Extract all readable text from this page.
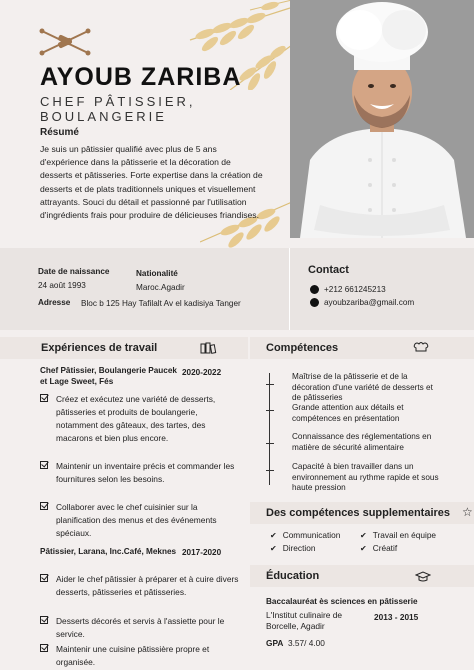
AYOUB ZARIBA
CHEF PÂTISSIER, BOULANGERIE
Résumé
Je suis un pâtissier qualifié avec plus de 5 ans d'expérience dans la pâtisserie et la décoration de desserts et pâtisseries. Forte expertise dans la création de desserts et de plats traditionnels uniques et visuellement attrayants. Souci du détail et passionné par l'utilisation d'ingrédients frais pour produire de délicieuses friandises.
Date de naissance
24 août 1993
Nationalité
Maroc.Agadir
Adresse Bloc b 125 Hay Tafilalt Av el kadisiya Tanger
Contact
+212 661245213
ayoubzariba@gmail.com
Expériences de travail
Chef Pâtissier, Boulangerie Paucek et Lage Sweet, Fés
2020-2022
Créez et exécutez une variété de desserts, pâtisseries et produits de boulangerie, notamment des gâteaux, des tartes, des macarons et bien plus encore.
Maintenir un inventaire précis et commander les fournitures selon les besoins.
Collaborer avec le chef cuisinier sur la planification des menus et des événements spéciaux.
Pâtissier, Larana, Inc.Café, Meknes 2017-2020
Aider le chef pâtissier à préparer et à cuire divers desserts, pâtisseries et pâtisseries.
Desserts décorés et servis à l'assiette pour le service.
Maintenir une cuisine pâtissière propre et organisée.
Compétences
Maîtrise de la pâtisserie et de la décoration d'une variété de desserts et de pâtisseries
Grande attention aux détails et compétences en présentation
Connaissance des réglementations en matière de sécurité alimentaire
Capacité à bien travailler dans un environnement au rythme rapide et sous haute pression
Des compétences supplementaires ☆
✔ Communication	✔ Travail en équipe
✔ Direction	✔ Créatif
Éducation
Baccalauréat ès sciences en pâtisserie
L'Institut culinaire de Borcelle, Agadir
2013 - 2015
GPA 3.57/ 4.00
